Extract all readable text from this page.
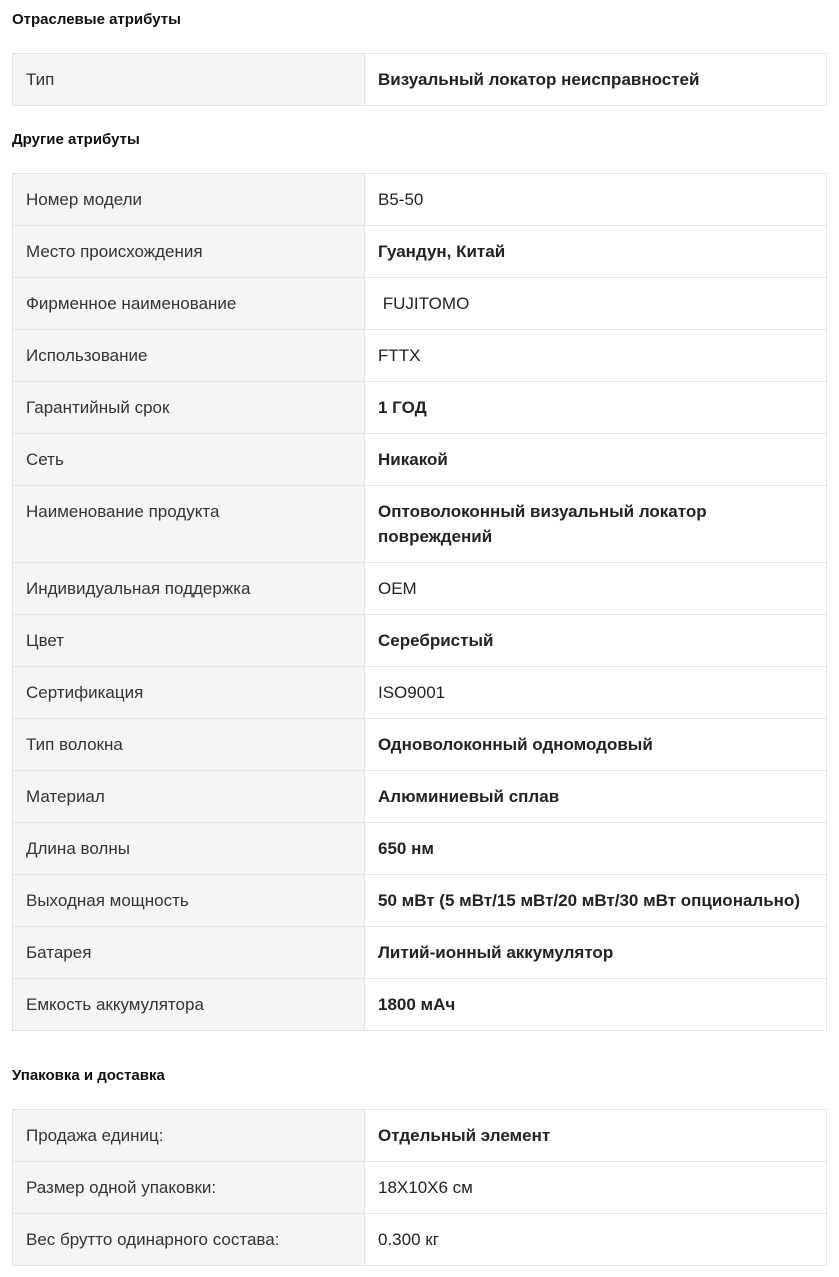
Отраслевые атрибуты
Тип	Визуальный локатор неисправностей
Другие атрибуты
Номер модели	B5-50
Место происхождения	Гуандун, Китай
Фирменное наименование	FUJITOMO
Использование	FTTX
Гарантийный срок	1 ГОД
Сеть	Никакой
Наименование продукта	Оптоволоконный визуальный локатор повреждений
Индивидуальная поддержка	OEM
Цвет	Серебристый
Сертификация	ISO9001
Тип волокна	Одноволоконный одномодовый
Материал	Алюминиевый сплав
Длина волны	650 нм
Выходная мощность	50 мВт (5 мВт/15 мВт/20 мВт/30 мВт опционально)
Батарея	Литий-ионный аккумулятор
Емкость аккумулятора	1800 мАч
Упаковка и доставка
Продажа единиц:	Отдельный элемент
Размер одной упаковки:	18X10X6 см
Вес брутто одинарного состава:	0.300 кг
